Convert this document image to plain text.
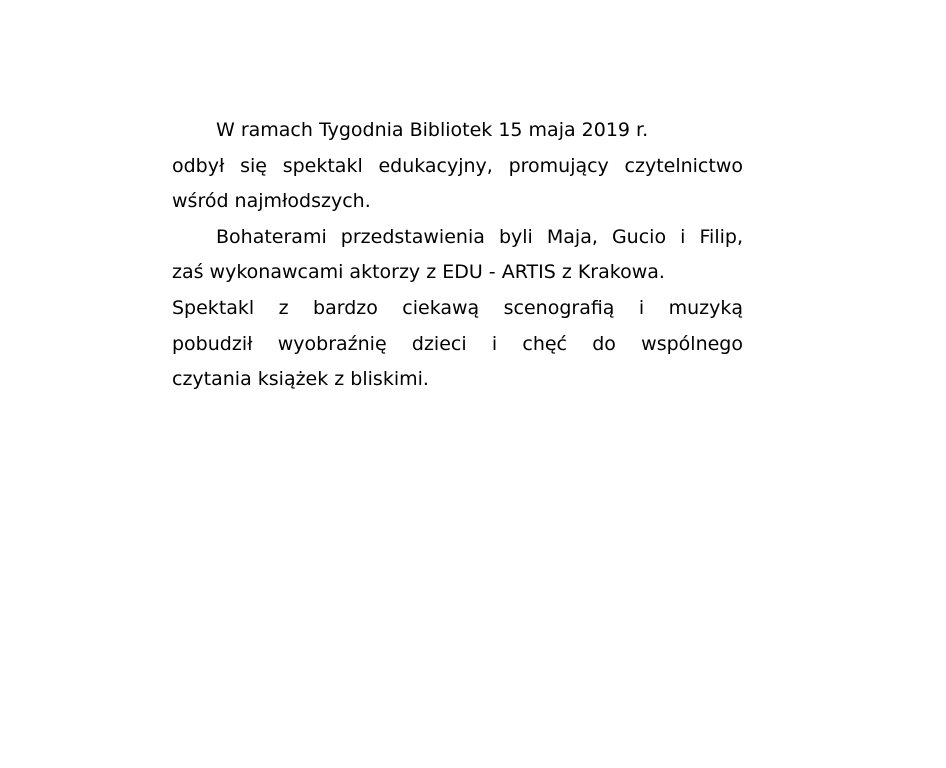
W ramach Tygodnia Bibliotek 15 maja 2019 r.
odbył się spektakl edukacyjny, promujący czytelnictwo
wśród najmłodszych.
Bohaterami przedstawienia byli Maja, Gucio i Filip,
zaś wykonawcami aktorzy z EDU - ARTIS z Krakowa.
Spektakl z bardzo ciekawą scenografią i muzyką
pobudził wyobraźnię dzieci i chęć do wspólnego
czytania książek z bliskimi.
